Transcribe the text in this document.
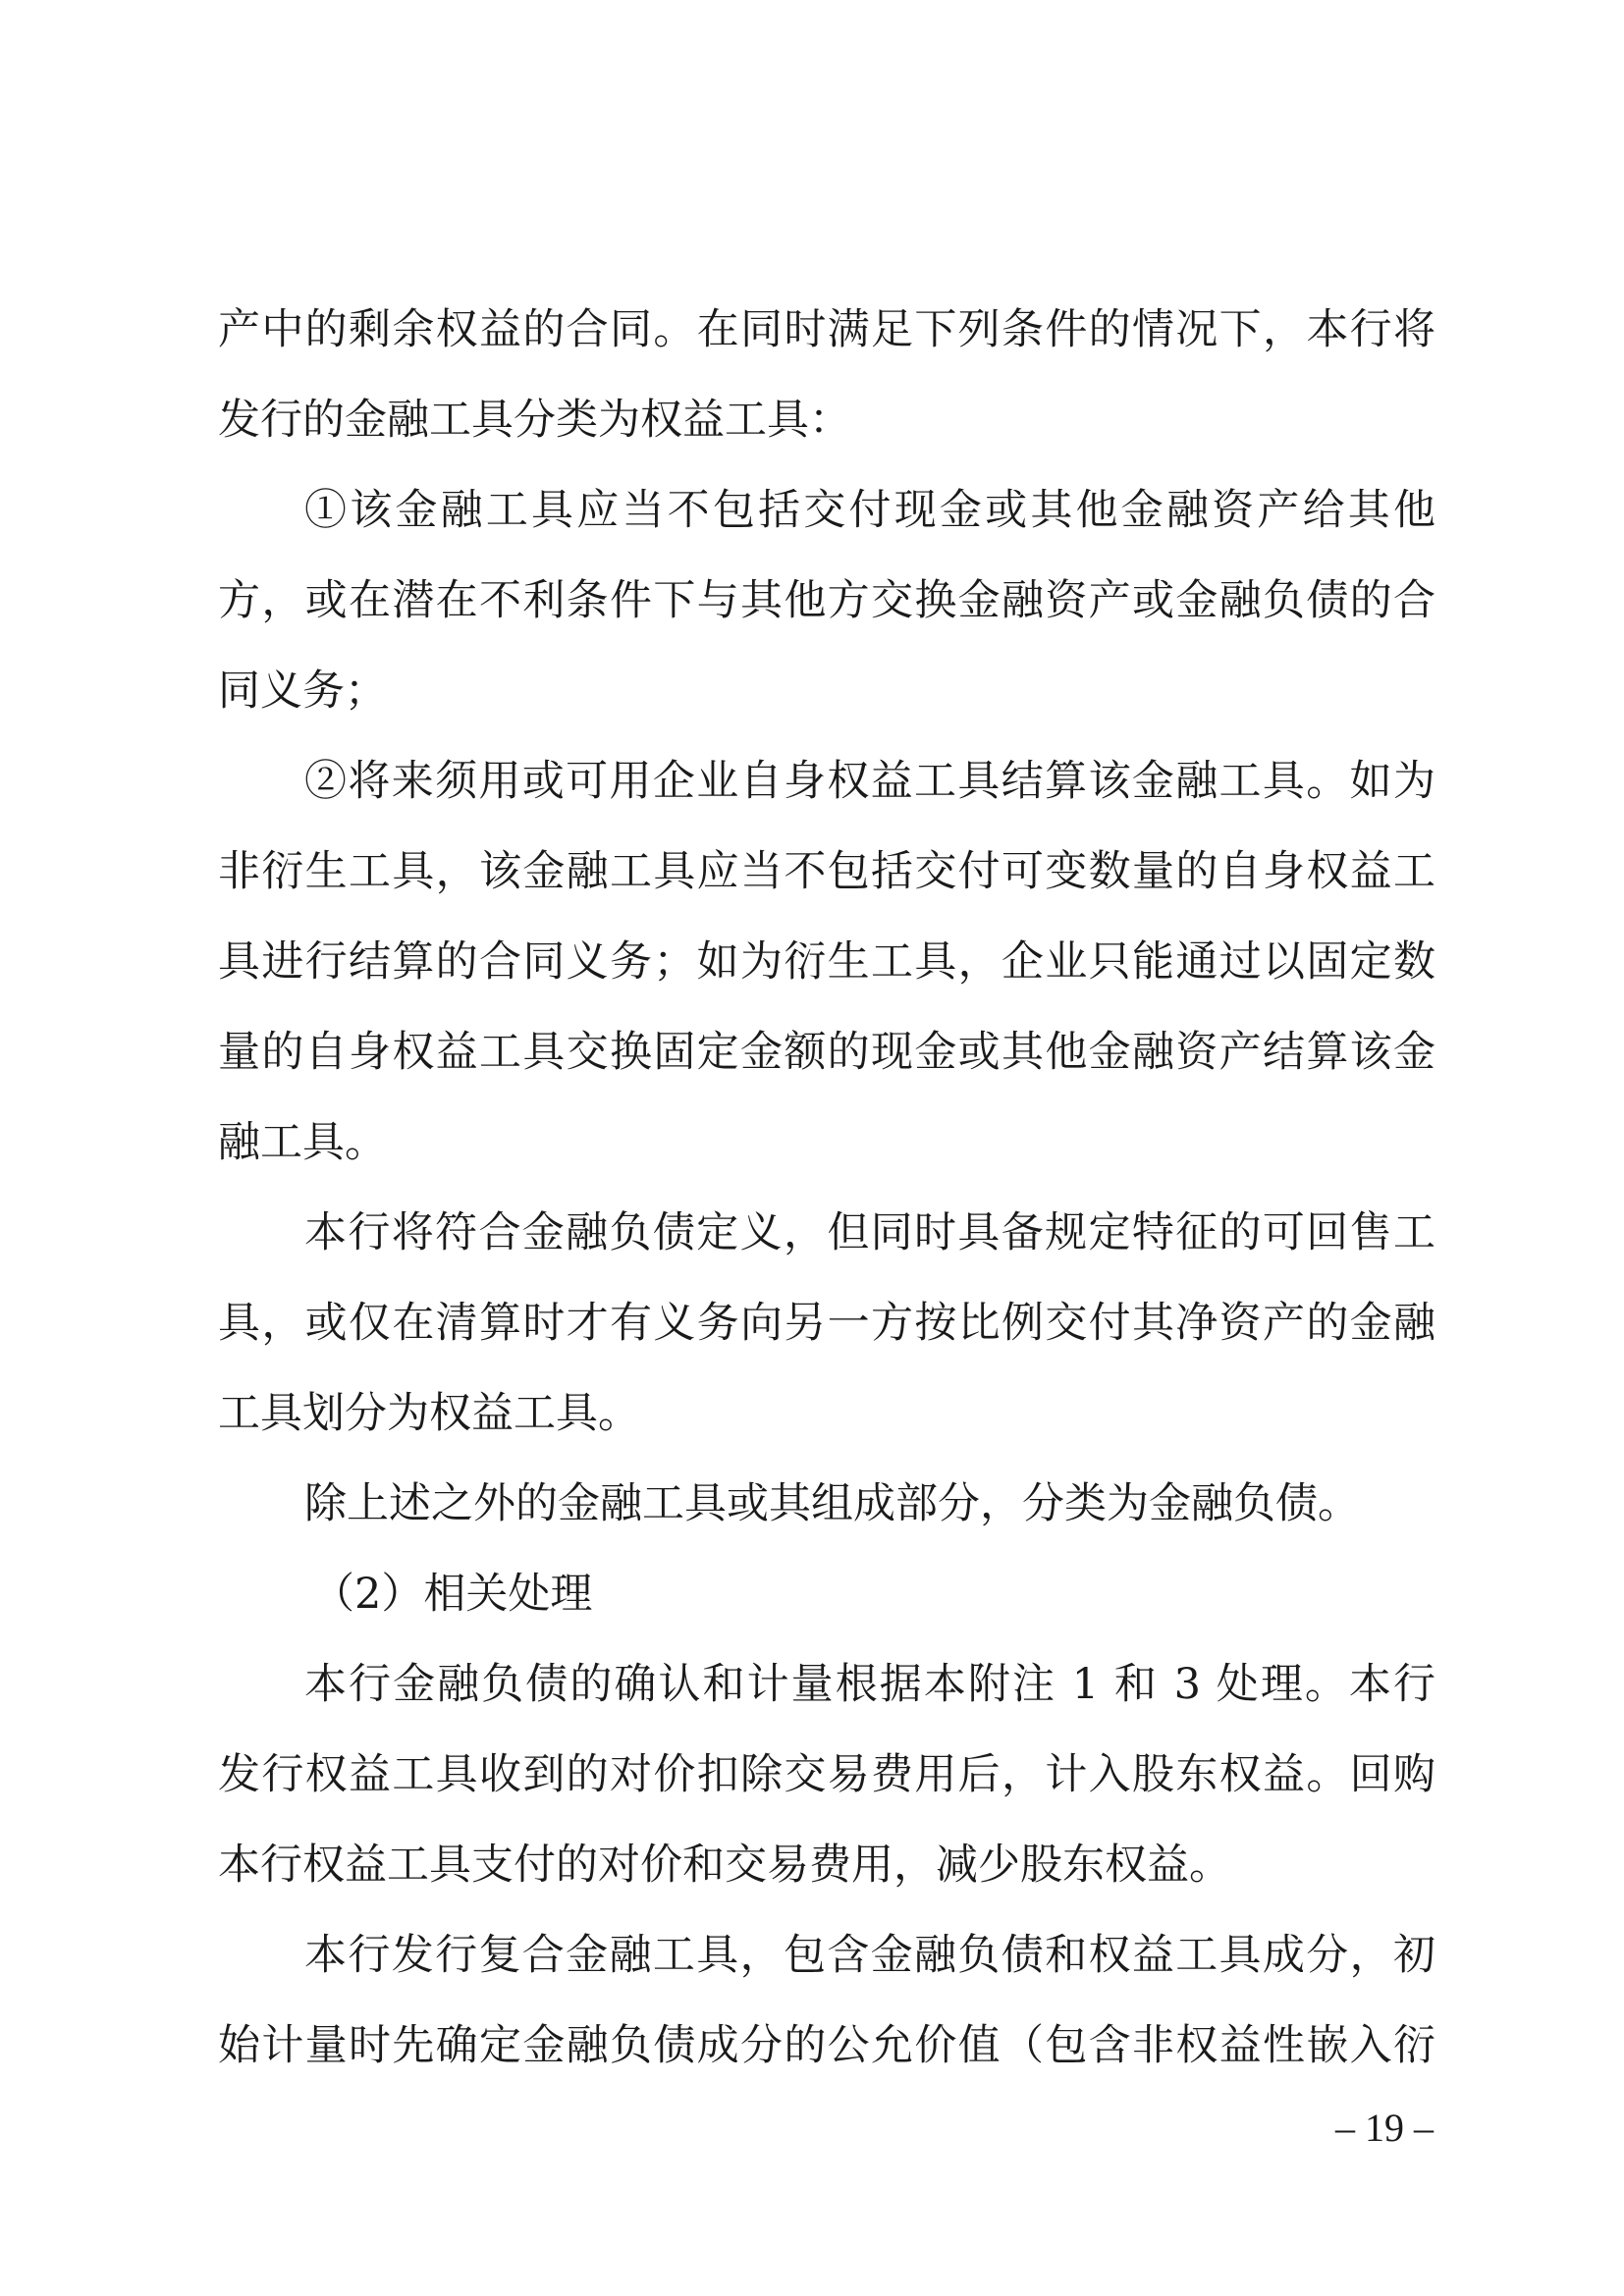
产中的剩余权益的合同。在同时满足下列条件的情况下，本行将
发行的金融工具分类为权益工具：
①该金融工具应当不包括交付现金或其他金融资产给其他
方，或在潜在不利条件下与其他方交换金融资产或金融负债的合
同义务；
②将来须用或可用企业自身权益工具结算该金融工具。如为
非衍生工具，该金融工具应当不包括交付可变数量的自身权益工
具进行结算的合同义务；如为衍生工具，企业只能通过以固定数
量的自身权益工具交换固定金额的现金或其他金融资产结算该金
融工具。
本行将符合金融负债定义，但同时具备规定特征的可回售工
具，或仅在清算时才有义务向另一方按比例交付其净资产的金融
工具划分为权益工具。
除上述之外的金融工具或其组成部分，分类为金融负债。
（2）相关处理
本行金融负债的确认和计量根据本附注 1 和 3 处理。本行
发行权益工具收到的对价扣除交易费用后，计入股东权益。回购
本行权益工具支付的对价和交易费用，减少股东权益。
本行发行复合金融工具，包含金融负债和权益工具成分，初
始计量时先确定金融负债成分的公允价值（包含非权益性嵌入衍
– 19 –
